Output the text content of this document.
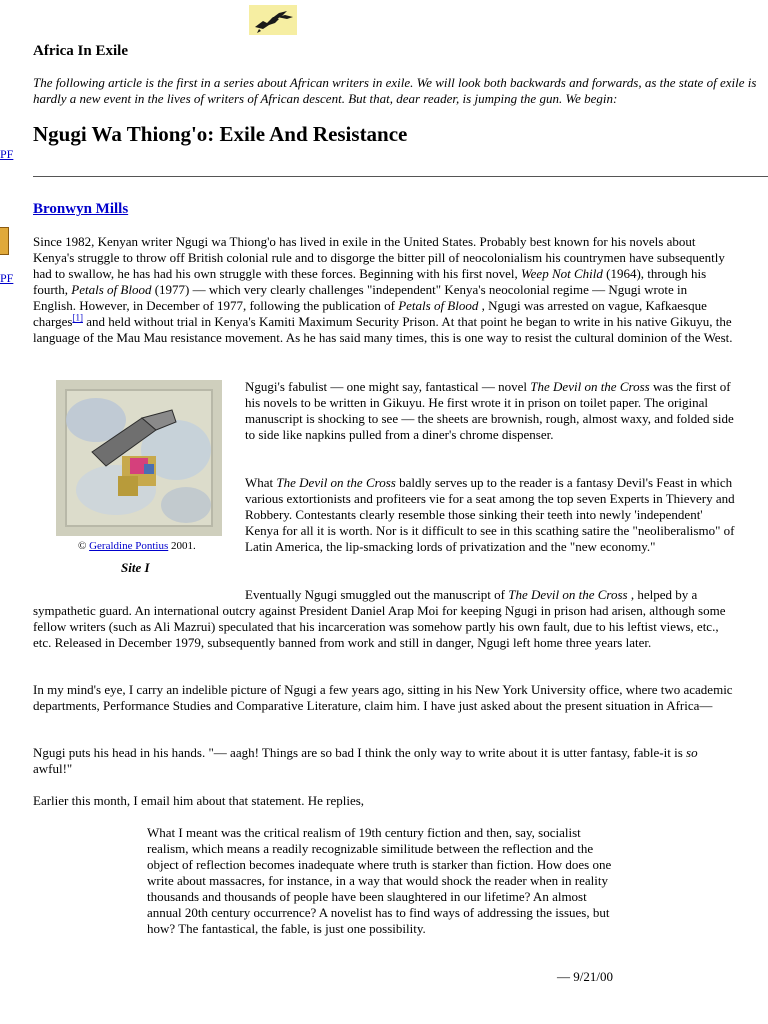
PF
PF
Africa In Exile
The following article is the first in a series about African writers in exile. We will look both backwards and forwards, as the state of exile is
hardly a new event in the lives of writers of African descent. But that, dear reader, is jumping the gun. We begin:
Ngugi Wa Thiong'o: Exile And Resistance
Bronwyn Mills
Since 1982, Kenyan writer Ngugi wa Thiong'o has lived in exile in the United States. Probably best known for his novels about Kenya's struggle to throw off British colonial rule and to disgorge the bitter pill of neocolonialism his countrymen have subsequently had to swallow, he has had his own struggle with these forces. Beginning with his first novel, Weep Not Child (1964), through his fourth, Petals of Blood (1977) — which very clearly challenges "independent" Kenya's neocolonial regime — Ngugi wrote in English. However, in December of 1977, following the publication of Petals of Blood , Ngugi was arrested on vague, Kafkaesque charges[1] and held without trial in Kenya's Kamiti Maximum Security Prison. At that point he began to write in his native Gikuyu, the language of the Mau Mau resistance movement. As he has said many times, this is one way to resist the cultural dominion of the West.
© Geraldine Pontius 2001.
Site I
Ngugi's fabulist — one might say, fantastical — novel The Devil on the Cross was the first of his novels to be written in Gikuyu. He first wrote it in prison on toilet paper. The original manuscript is shocking to see — the sheets are brownish, rough, almost waxy, and folded side to side like napkins pulled from a diner's chrome dispenser.
What The Devil on the Cross baldly serves up to the reader is a fantasy Devil's Feast in which various extortionists and profiteers vie for a seat among the top seven Experts in Thievery and Robbery. Contestants clearly resemble those sinking their teeth into newly 'independent' Kenya for all it is worth. Nor is it difficult to see in this scathing satire the "neoliberalismo" of Latin America, the lip-smacking lords of privatization and the "new economy."
Eventually Ngugi smuggled out the manuscript of The Devil on the Cross , helped by a sympathetic guard. An international outcry against President Daniel Arap Moi for keeping Ngugi in prison had arisen, although some fellow writers (such as Ali Mazrui) speculated that his incarceration was somehow partly his own fault, due to his leftist views, etc., etc. Released in December 1979, subsequently banned from work and still in danger, Ngugi left home three years later.
In my mind's eye, I carry an indelible picture of Ngugi a few years ago, sitting in his New York University office, where two academic departments, Performance Studies and Comparative Literature, claim him. I have just asked about the present situation in Africa—
Ngugi puts his head in his hands. "— aagh! Things are so bad I think the only way to write about it is utter fantasy, fable-it is so awful!"
Earlier this month, I email him about that statement. He replies,
What I meant was the critical realism of 19th century fiction and then, say, socialist realism, which means a readily recognizable similitude between the reflection and the object of reflection becomes inadequate where truth is starker than fiction. How does one write about massacres, for instance, in a way that would shock the reader when in reality thousands and thousands of people have been slaughtered in our lifetime? An almost annual 20th century occurrence? A novelist has to find ways of addressing the issues, but how? The fantastical, the fable, is just one possibility.
— 9/21/00
